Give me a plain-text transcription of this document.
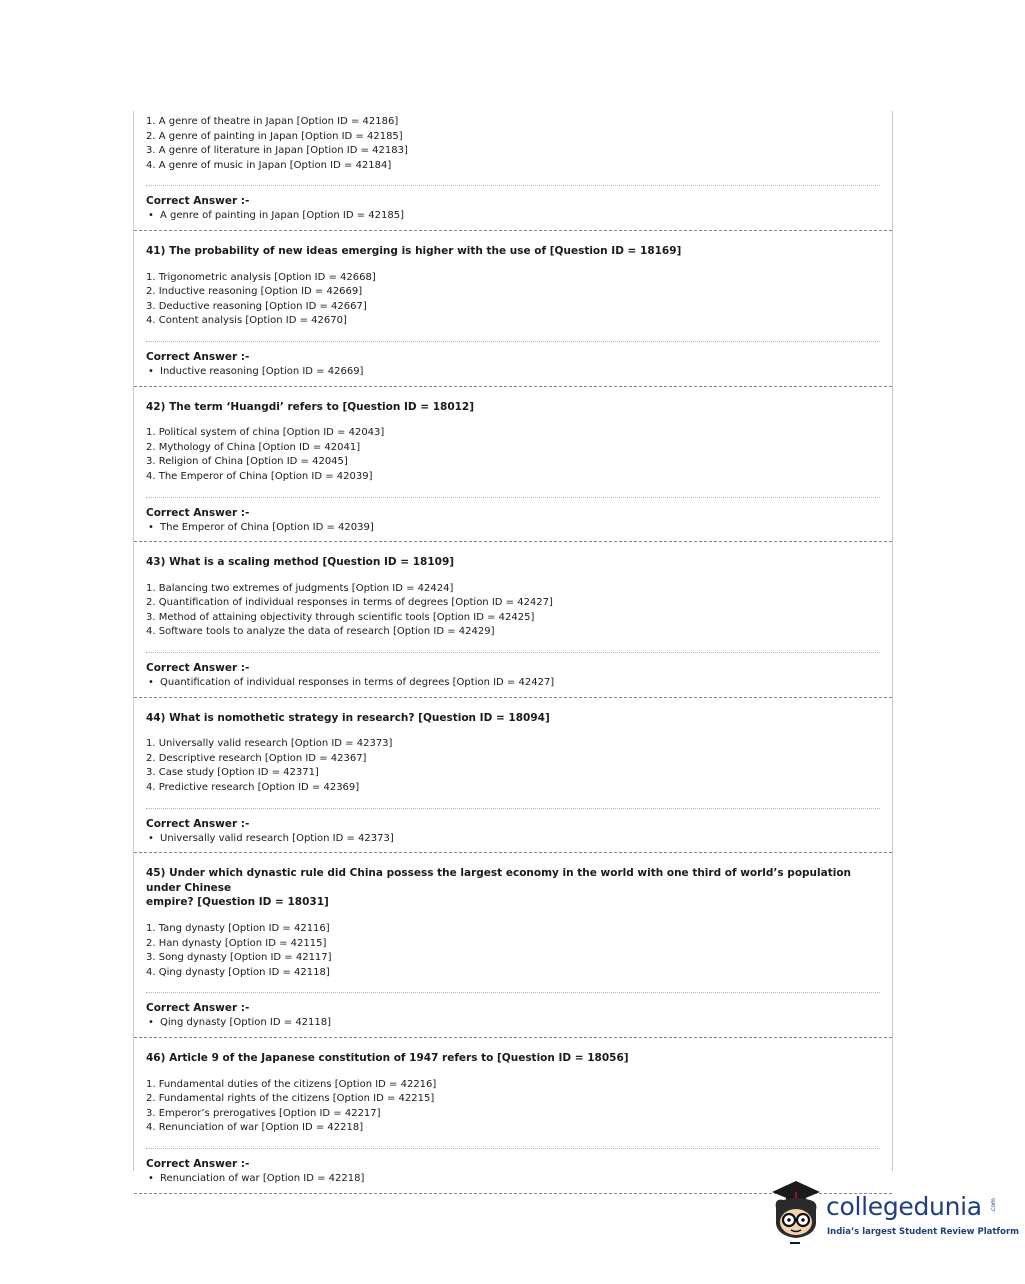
1. A genre of theatre in Japan [Option ID = 42186]
2. A genre of painting in Japan [Option ID = 42185]
3. A genre of literature in Japan [Option ID = 42183]
4. A genre of music in Japan [Option ID = 42184]
Correct Answer :-
• A genre of painting in Japan [Option ID = 42185]
41) The probability of new ideas emerging is higher with the use of [Question ID = 18169]
1. Trigonometric analysis [Option ID = 42668]
2. Inductive reasoning [Option ID = 42669]
3. Deductive reasoning [Option ID = 42667]
4. Content analysis [Option ID = 42670]
Correct Answer :-
• Inductive reasoning [Option ID = 42669]
42) The term ‘Huangdi’ refers to [Question ID = 18012]
1. Political system of china [Option ID = 42043]
2. Mythology of China [Option ID = 42041]
3. Religion of China [Option ID = 42045]
4. The Emperor of China [Option ID = 42039]
Correct Answer :-
• The Emperor of China [Option ID = 42039]
43) What is a scaling method [Question ID = 18109]
1. Balancing two extremes of judgments [Option ID = 42424]
2. Quantification of individual responses in terms of degrees [Option ID = 42427]
3. Method of attaining objectivity through scientific tools [Option ID = 42425]
4. Software tools to analyze the data of research [Option ID = 42429]
Correct Answer :-
• Quantification of individual responses in terms of degrees [Option ID = 42427]
44) What is nomothetic strategy in research? [Question ID = 18094]
1. Universally valid research [Option ID = 42373]
2. Descriptive research [Option ID = 42367]
3. Case study [Option ID = 42371]
4. Predictive research [Option ID = 42369]
Correct Answer :-
• Universally valid research [Option ID = 42373]
45) Under which dynastic rule did China possess the largest economy in the world with one third of world’s population under Chinese
empire? [Question ID = 18031]
1. Tang dynasty [Option ID = 42116]
2. Han dynasty [Option ID = 42115]
3. Song dynasty [Option ID = 42117]
4. Qing dynasty [Option ID = 42118]
Correct Answer :-
• Qing dynasty [Option ID = 42118]
46) Article 9 of the Japanese constitution of 1947 refers to [Question ID = 18056]
1. Fundamental duties of the citizens [Option ID = 42216]
2. Fundamental rights of the citizens [Option ID = 42215]
3. Emperor’s prerogatives [Option ID = 42217]
4. Renunciation of war [Option ID = 42218]
Correct Answer :-
• Renunciation of war [Option ID = 42218]
collegedunia .com
India’s largest Student Review Platform
